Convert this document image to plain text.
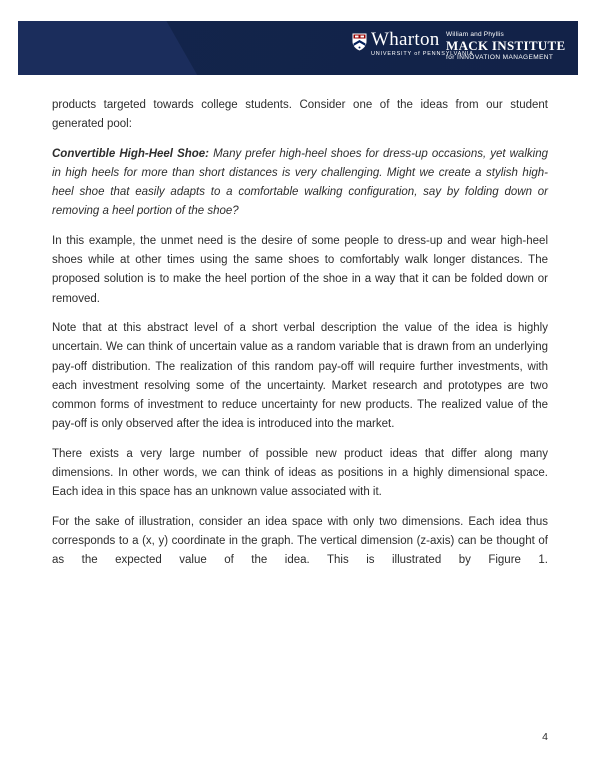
Wharton
UNIVERSITY of PENNSYLVANIA
William and Phyllis
MACK INSTITUTE
for INNOVATION MANAGEMENT

products targeted towards college students. Consider one of the ideas from our student generated pool:

Convertible High-Heel Shoe: Many prefer high-heel shoes for dress-up occasions, yet walking in high heels for more than short distances is very challenging. Might we create a stylish high-heel shoe that easily adapts to a comfortable walking configuration, say by folding down or removing a heel portion of the shoe?

In this example, the unmet need is the desire of some people to dress-up and wear high-heel shoes while at other times using the same shoes to comfortably walk longer distances. The proposed solution is to make the heel portion of the shoe in a way that it can be folded down or removed.

Note that at this abstract level of a short verbal description the value of the idea is highly uncertain. We can think of uncertain value as a random variable that is drawn from an underlying pay-off distribution. The realization of this random pay-off will require further investments, with each investment resolving some of the uncertainty. Market research and prototypes are two common forms of investment to reduce uncertainty for new products. The realized value of the pay-off is only observed after the idea is introduced into the market.

There exists a very large number of possible new product ideas that differ along many dimensions. In other words, we can think of ideas as positions in a highly dimensional space. Each idea in this space has an unknown value associated with it.

For the sake of illustration, consider an idea space with only two dimensions. Each idea thus corresponds to a (x, y) coordinate in the graph. The vertical dimension (z-axis) can be thought of as the expected value of the idea. This is illustrated by Figure 1.

4
